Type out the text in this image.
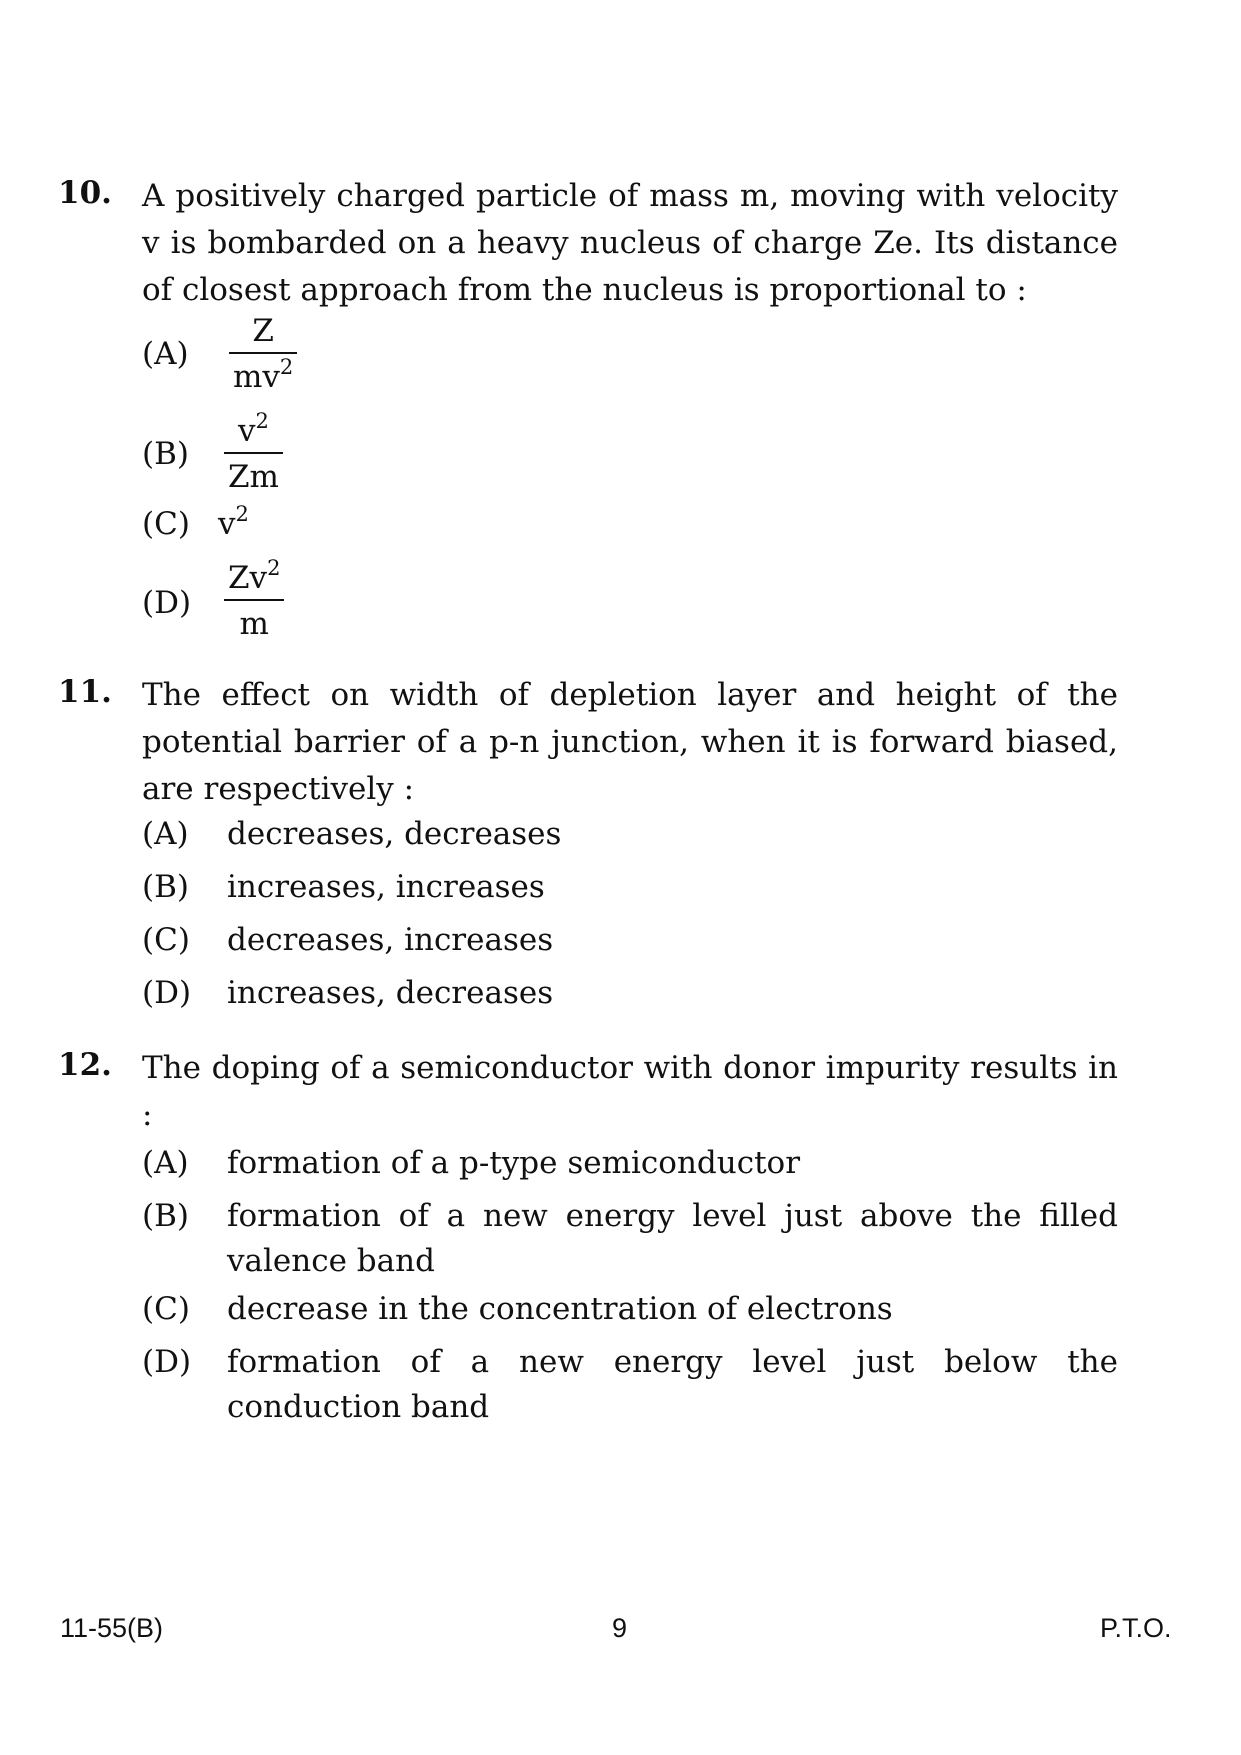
10. A positively charged particle of mass m, moving with velocity v is bombarded on a heavy nucleus of charge Ze. Its distance of closest approach from the nucleus is proportional to :
(A)
Z
$mv^2$
(B)
$v^2$
Zm
(C) $v^2$
(D)
Zv$^2$
m
11. The effect on width of depletion layer and height of the potential barrier of a p-n junction, when it is forward biased, are respectively :
(A) decreases, decreases
(B) increases, increases
(C) decreases, increases
(D) increases, decreases
12. The doping of a semiconductor with donor impurity results in :
(A) formation of a p-type semiconductor
(B) formation of a new energy level just above the filled valence band
(C) decrease in the concentration of electrons
(D) formation of a new energy level just below the conduction band
11-55(B)	9	P.T.O.
